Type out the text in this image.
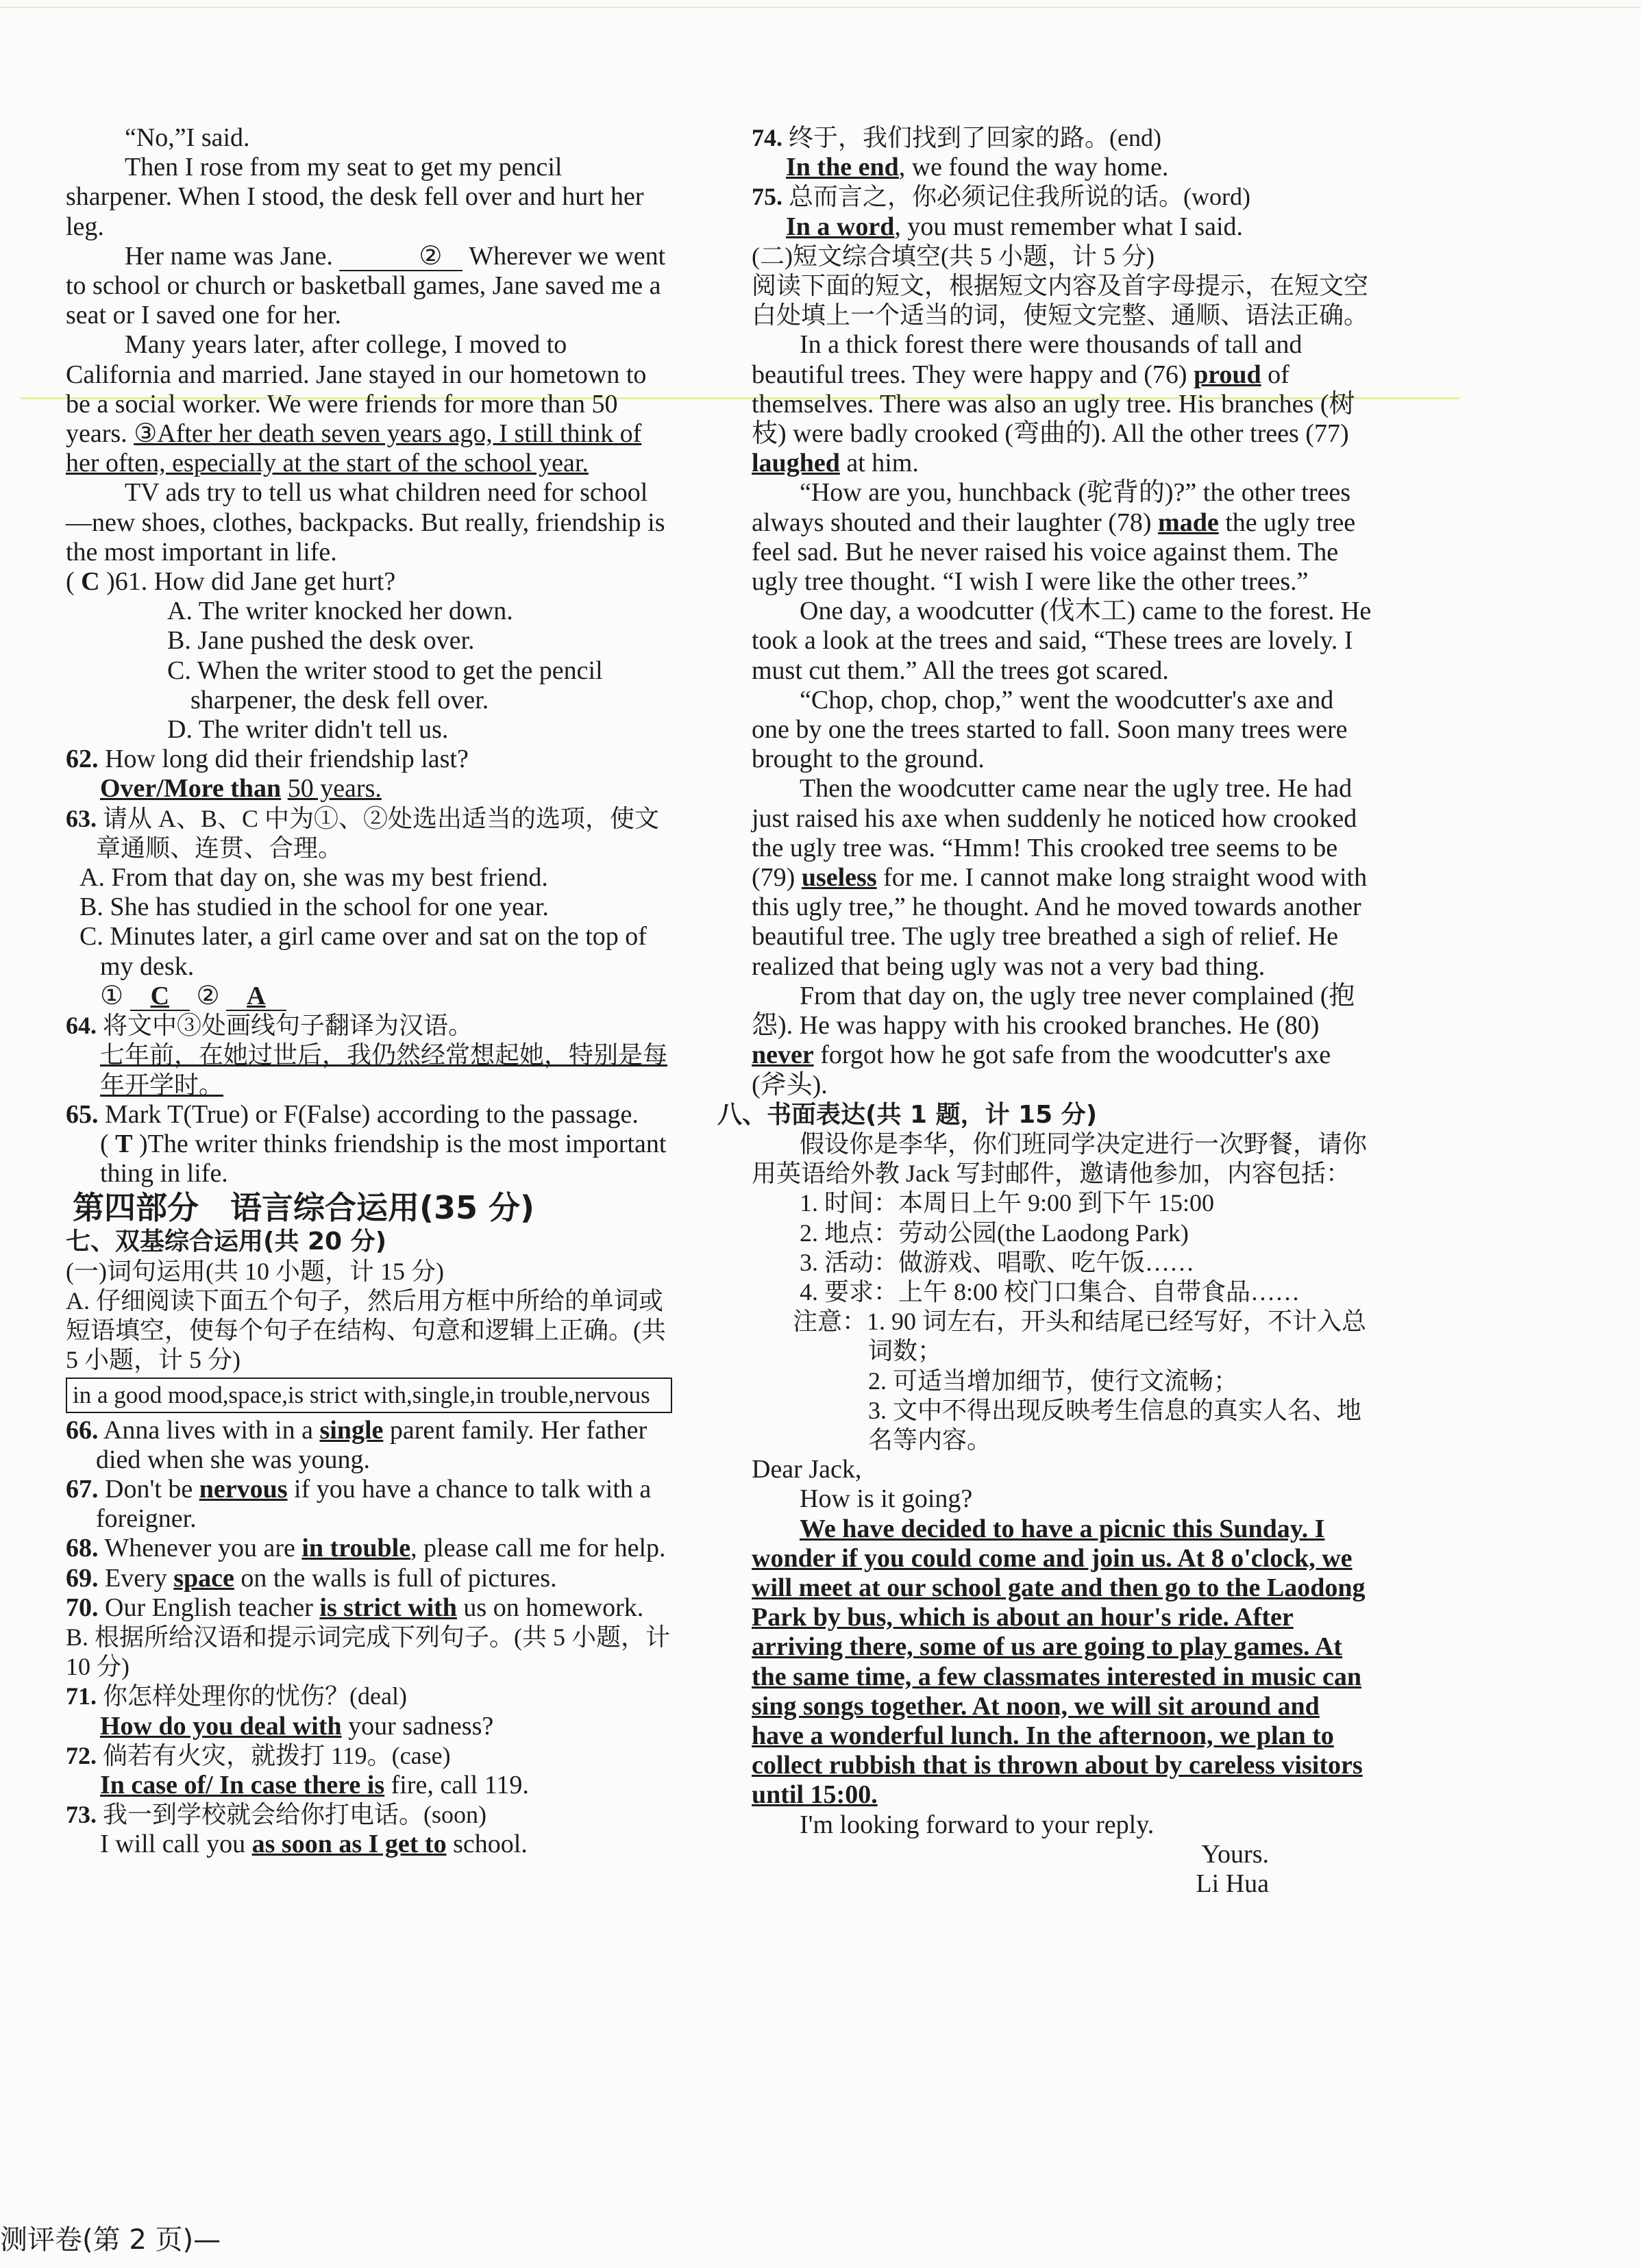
“No,”I said.

Then I rose from my seat to get my pencil sharpener. When I stood, the desk fell over and hurt her leg.

Her name was Jane.	② Wherever we went to school or church or basketball games, Jane saved me a seat or I saved one for her.

Many years later, after college, I moved to California and married. Jane stayed in our hometown to be a social worker. We were friends for more than 50 years. ③After her death seven years ago, I still think of her often, especially at the start of the school year.

TV ads try to tell us what children need for school—new shoes, clothes, backpacks. But really, friendship is the most important in life.

( C )61. How did Jane get hurt?

A. The writer knocked her down.

B. Jane pushed the desk over.

C. When the writer stood to get the pencil sharpener, the desk fell over.

D. The writer didn't tell us.

62. How long did their friendship last?

Over/More than 50 years.

63. 请从 A、B、C 中为①、②处选出适当的选项，使文章通顺、连贯、合理。

A. From that day on, she was my best friend.

B. She has studied in the school for one year.

C. Minutes later, a girl came over and sat on the top of my desk.

① C ② A

64. 将文中③处画线句子翻译为汉语。

七年前，在她过世后，我仍然经常想起她，特别是每年开学时。

65. Mark T(True) or F(False) according to the passage.

( T )The writer thinks friendship is the most important thing in life.

第四部分　语言综合运用(35 分)

七、双基综合运用(共 20 分)

(一)词句运用(共 10 小题，计 15 分)

A. 仔细阅读下面五个句子，然后用方框中所给的单词或短语填空，使每个句子在结构、句意和逻辑上正确。(共 5 小题，计 5 分)

in a good mood,space,is strict with,single,in trouble,nervous

66. Anna lives with in a single parent family. Her father died when she was young.

67. Don't be nervous if you have a chance to talk with a foreigner.

68. Whenever you are in trouble, please call me for help.

69. Every space on the walls is full of pictures.

70. Our English teacher is strict with us on homework.

B. 根据所给汉语和提示词完成下列句子。(共 5 小题，计 10 分)

71. 你怎样处理你的忧伤？(deal)

How do you deal with your sadness?

72. 倘若有火灾，就拨打 119。(case)

In case of/ In case there is fire, call 119.

73. 我一到学校就会给你打电话。(soon)

I will call you as soon as I get to school.

74. 终于，我们找到了回家的路。(end)

In the end, we found the way home.

75. 总而言之，你必须记住我所说的话。(word)

In a word, you must remember what I said.

(二)短文综合填空(共 5 小题，计 5 分)

阅读下面的短文，根据短文内容及首字母提示，在短文空白处填上一个适当的词，使短文完整、通顺、语法正确。

In a thick forest there were thousands of tall and beautiful trees. They were happy and (76) proud of themselves. There was also an ugly tree. His branches (树枝) were badly crooked (弯曲的). All the other trees (77) laughed at him.

“How are you, hunchback (驼背的)?” the other trees always shouted and their laughter (78) made the ugly tree feel sad. But he never raised his voice against them. The ugly tree thought. “I wish I were like the other trees.”

One day, a woodcutter (伐木工) came to the forest. He took a look at the trees and said, “These trees are lovely. I must cut them.” All the trees got scared.

“Chop, chop, chop,” went the woodcutter's axe and one by one the trees started to fall. Soon many trees were brought to the ground.

Then the woodcutter came near the ugly tree. He had just raised his axe when suddenly he noticed how crooked the ugly tree was. “Hmm! This crooked tree seems to be (79) useless for me. I cannot make long straight wood with this ugly tree,” he thought. And he moved towards another beautiful tree. The ugly tree breathed a sigh of relief. He realized that being ugly was not a very bad thing.

From that day on, the ugly tree never complained (抱怨). He was happy with his crooked branches. He (80) never forgot how he got safe from the woodcutter's axe (斧头).

八、书面表达(共 1 题，计 15 分)

假设你是李华，你们班同学决定进行一次野餐，请你用英语给外教 Jack 写封邮件，邀请他参加，内容包括：

1. 时间：本周日上午 9:00 到下午 15:00

2. 地点：劳动公园(the Laodong Park)

3. 活动：做游戏、唱歌、吃午饭……

4. 要求：上午 8:00 校门口集合、自带食品……

注意：1. 90 词左右，开头和结尾已经写好，不计入总词数；

2. 可适当增加细节，使行文流畅；

3. 文中不得出现反映考生信息的真实人名、地名等内容。

Dear Jack,

How is it going?

We have decided to have a picnic this Sunday. I wonder if you could come and join us. At 8 o'clock, we will meet at our school gate and then go to the Laodong Park by bus, which is about an hour's ride. After arriving there, some of us are going to play games. At the same time, a few classmates interested in music can sing songs together. At noon, we will sit around and have a wonderful lunch. In the afternoon, we plan to collect rubbish that is thrown about by careless visitors until 15:00.

I'm looking forward to your reply.

Yours.

Li Hua

测评卷(第 2 页)—
